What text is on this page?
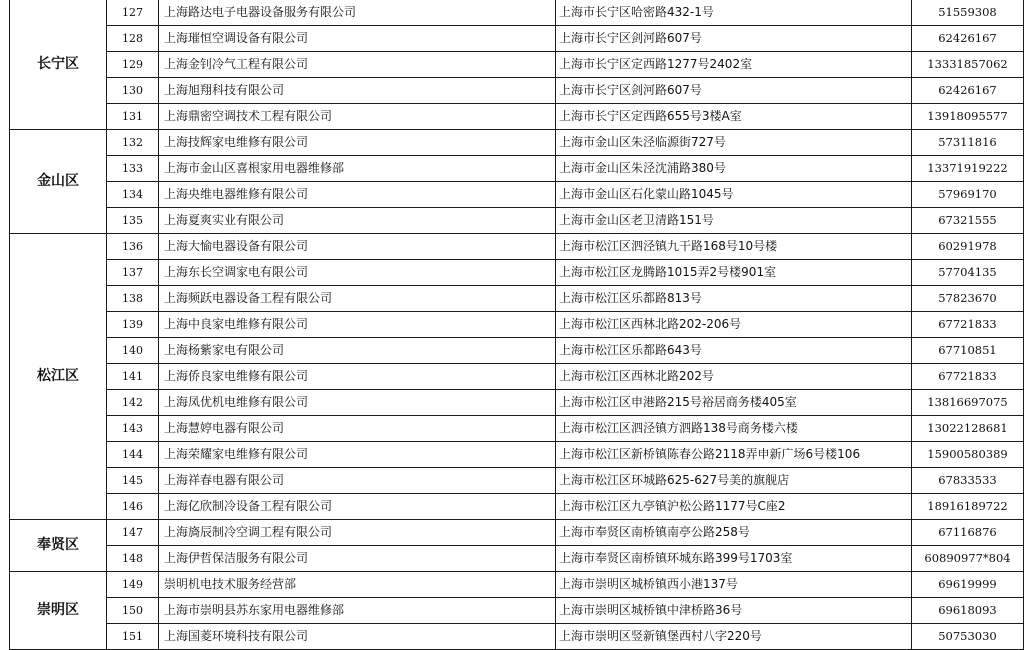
长宁区	127	上海路达电子电器设备服务有限公司	上海市长宁区哈密路432-1号	51559308
	128	上海璀恒空调设备有限公司	上海市长宁区剑河路607号	62426167
	129	上海金钊冷气工程有限公司	上海市长宁区定西路1277号2402室	13331857062
	130	上海旭翔科技有限公司	上海市长宁区剑河路607号	62426167
	131	上海鼎密空调技术工程有限公司	上海市长宁区定西路655号3楼A室	13918095577
金山区	132	上海技辉家电维修有限公司	上海市金山区朱泾临源街727号	57311816
	133	上海市金山区喜根家用电器维修部	上海市金山区朱泾沈浦路380号	13371919222
	134	上海央维电器维修有限公司	上海市金山区石化蒙山路1045号	57969170
	135	上海夏爽实业有限公司	上海市金山区老卫清路151号	67321555
松江区	136	上海大愉电器设备有限公司	上海市松江区泗泾镇九干路168号10号楼	60291978
	137	上海东长空调家电有限公司	上海市松江区龙腾路1015弄2号楼901室	57704135
	138	上海频跃电器设备工程有限公司	上海市松江区乐都路813号	57823670
	139	上海中良家电维修有限公司	上海市松江区西林北路202-206号	67721833
	140	上海杨紫家电有限公司	上海市松江区乐都路643号	67710851
	141	上海侨良家电维修有限公司	上海市松江区西林北路202号	67721833
	142	上海凤优机电维修有限公司	上海市松江区申港路215号裕居商务楼405室	13816697075
	143	上海慧婷电器有限公司	上海市松江区泗泾镇方泗路138号商务楼六楼	13022128681
	144	上海荣耀家电维修有限公司	上海市松江区新桥镇陈春公路2118弄申新广场6号楼106	15900580389
	145	上海祥春电器有限公司	上海市松江区环城路625-627号美的旗舰店	67833533
	146	上海亿欣制冷设备工程有限公司	上海市松江区九亭镇沪松公路1177号C座2	18916189722
奉贤区	147	上海旖辰制冷空调工程有限公司	上海市奉贤区南桥镇南亭公路258号	67116876
	148	上海伊哲保洁服务有限公司	上海市奉贤区南桥镇环城东路399号1703室	60890977*804
崇明区	149	崇明机电技术服务经营部	上海市崇明区城桥镇西小港137号	69619999
	150	上海市崇明县苏东家用电器维修部	上海市崇明区城桥镇中津桥路36号	69618093
	151	上海国菱环境科技有限公司	上海市崇明区竖新镇堡西村八字220号	50753030
